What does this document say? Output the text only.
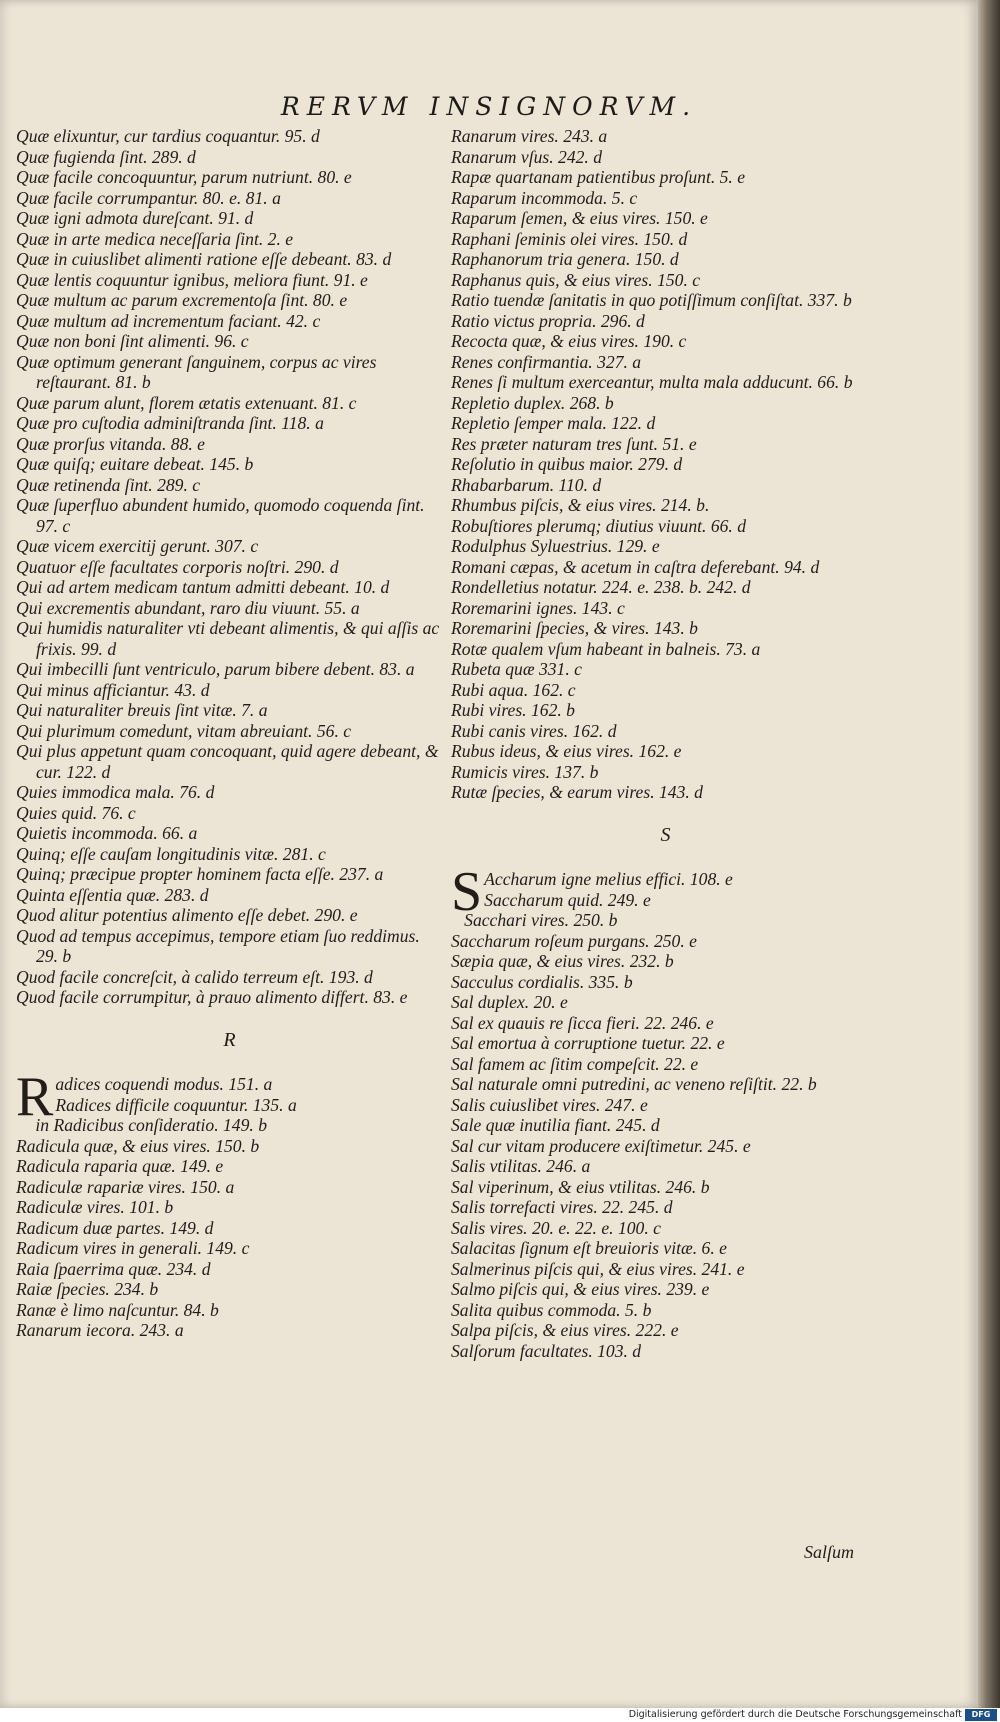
RERVM INSIGNORVM.

Quæ elixuntur, cur tardius coquantur. 95. d

Quæ fugienda ſint. 289. d

Quæ facile concoquuntur, parum nutriunt. 80. e

Quæ facile corrumpantur. 80. e. 81. a

Quæ igni admota dureſcant. 91. d

Quæ in arte medica neceſſaria ſint. 2. e

Quæ in cuiuslibet alimenti ratione eſſe debeant. 83. d

Quæ lentis coquuntur ignibus, meliora fiunt. 91. e

Quæ multum ac parum excrementoſa ſint. 80. e

Quæ multum ad incrementum faciant. 42. c

Quæ non boni ſint alimenti. 96. c

Quæ optimum generant ſanguinem, corpus ac vires reſtaurant. 81. b

Quæ parum alunt, florem ætatis extenuant. 81. c

Quæ pro cuſtodia adminiſtranda ſint. 118. a

Quæ prorſus vitanda. 88. e

Quæ quiſq; euitare debeat. 145. b

Quæ retinenda ſint. 289. c

Quæ ſuperfluo abundent humido, quomodo coquenda ſint. 97. c

Quæ vicem exercitij gerunt. 307. c

Quatuor eſſe facultates corporis noſtri. 290. d

Qui ad artem medicam tantum admitti debeant. 10. d

Qui excrementis abundant, raro diu viuunt. 55. a

Qui humidis naturaliter vti debeant alimentis, & qui aſſis ac frixis. 99. d

Qui imbecilli ſunt ventriculo, parum bibere debent. 83. a

Qui minus afficiantur. 43. d

Qui naturaliter breuis ſint vitæ. 7. a

Qui plurimum comedunt, vitam abreuiant. 56. c

Qui plus appetunt quam concoquant, quid agere debeant, & cur. 122. d

Quies immodica mala. 76. d

Quies quid. 76. c

Quietis incommoda. 66. a

Quinq; eſſe cauſam longitudinis vitæ. 281. c

Quinq; præcipue propter hominem facta eſſe. 237. a

Quinta eſſentia quæ. 283. d

Quod alitur potentius alimento eſſe debet. 290. e

Quod ad tempus accepimus, tempore etiam ſuo reddimus. 29. b

Quod facile concreſcit, à calido terreum eſt. 193. d

Quod facile corrumpitur, à prauo alimento differt. 83. e

R

R adices coquendi modus. 151. a
Radices difficile coquuntur. 135. a

in Radicibus conſideratio. 149. b

Radicula quæ, & eius vires. 150. b

Radicula raparia quæ. 149. e

Radiculæ rapariæ vires. 150. a

Radiculæ vires. 101. b

Radicum duæ partes. 149. d

Radicum vires in generali. 149. c

Raia ſpaerrima quæ. 234. d

Raiæ ſpecies. 234. b

Ranæ è limo naſcuntur. 84. b

Ranarum iecora. 243. a

Ranarum vires. 243. a

Ranarum vſus. 242. d

Rapæ quartanam patientibus proſunt. 5. e

Raparum incommoda. 5. c

Raparum ſemen, & eius vires. 150. e

Raphani ſeminis olei vires. 150. d

Raphanorum tria genera. 150. d

Raphanus quis, & eius vires. 150. c

Ratio tuendæ ſanitatis in quo potiſſimum conſiſtat. 337. b

Ratio victus propria. 296. d

Recocta quæ, & eius vires. 190. c

Renes confirmantia. 327. a

Renes ſi multum exerceantur, multa mala adducunt. 66. b

Repletio duplex. 268. b

Repletio ſemper mala. 122. d

Res præter naturam tres ſunt. 51. e

Reſolutio in quibus maior. 279. d

Rhabarbarum. 110. d

Rhumbus piſcis, & eius vires. 214. b.

Robuſtiores plerumq; diutius viuunt. 66. d

Rodulphus Syluestrius. 129. e

Romani cæpas, & acetum in caſtra deferebant. 94. d

Rondelletius notatur. 224. e. 238. b. 242. d

Roremarini ignes. 143. c

Roremarini ſpecies, & vires. 143. b

Rotæ qualem vſum habeant in balneis. 73. a

Rubeta quæ 331. c

Rubi aqua. 162. c

Rubi vires. 162. b

Rubi canis vires. 162. d

Rubus ideus, & eius vires. 162. e

Rumicis vires. 137. b

Rutæ ſpecies, & earum vires. 143. d

S

S Accharum igne melius effici. 108. e
Saccharum quid. 249. e

Sacchari vires. 250. b

Saccharum roſeum purgans. 250. e

Sæpia quæ, & eius vires. 232. b

Sacculus cordialis. 335. b

Sal duplex. 20. e

Sal ex quauis re ſicca fieri. 22. 246. e

Sal emortua à corruptione tuetur. 22. e

Sal famem ac ſitim compeſcit. 22. e

Sal naturale omni putredini, ac veneno reſiſtit. 22. b

Salis cuiuslibet vires. 247. e

Sale quæ inutilia fiant. 245. d

Sal cur vitam producere exiſtimetur. 245. e

Salis vtilitas. 246. a

Sal viperinum, & eius vtilitas. 246. b

Salis torrefacti vires. 22. 245. d

Salis vires. 20. e. 22. e. 100. c

Salacitas ſignum eſt breuioris vitæ. 6. e

Salmerinus piſcis qui, & eius vires. 241. e

Salmo piſcis qui, & eius vires. 239. e

Salita quibus commoda. 5. b

Salpa piſcis, & eius vires. 222. e

Salſorum facultates. 103. d

Salſum
Digitalisierung gefördert durch die Deutsche Forschungsgemeinschaft	DFG
